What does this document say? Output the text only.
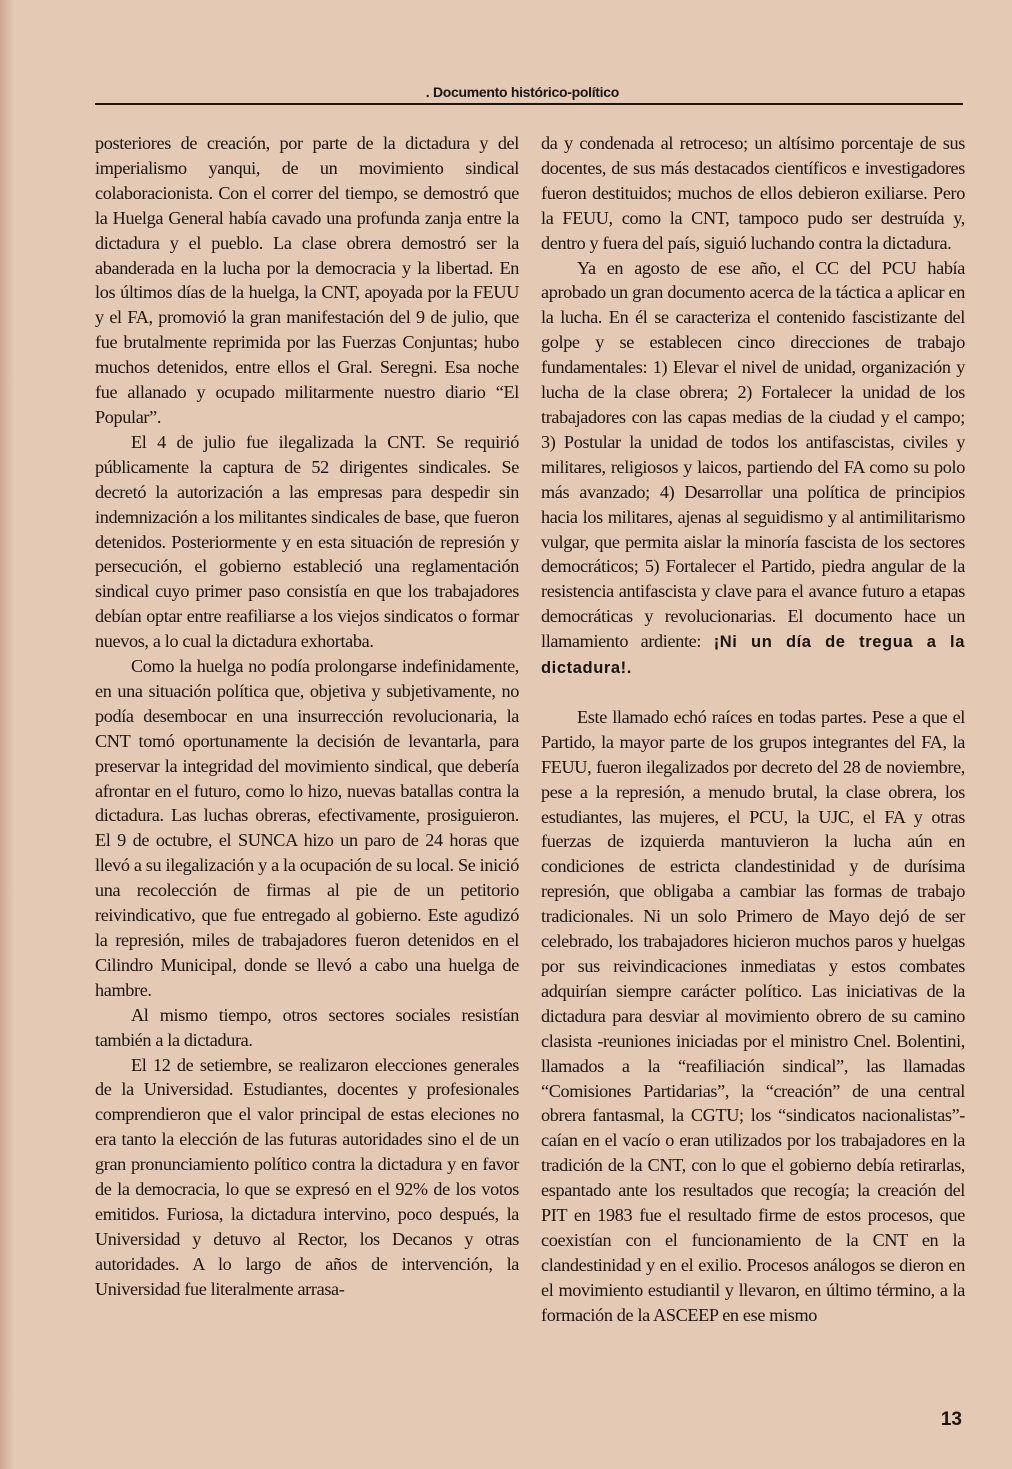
. Documento histórico-político

posteriores de creación, por parte de la dictadura y del imperialismo yanqui, de un movimiento sindical colaboracionista. Con el correr del tiempo, se demostró que la Huelga General había cavado una profunda zanja entre la dictadura y el pueblo. La clase obrera demostró ser la abanderada en la lucha por la democracia y la libertad. En los últimos días de la huelga, la CNT, apoyada por la FEUU y el FA, promovió la gran manifestación del 9 de julio, que fue brutalmente reprimida por las Fuerzas Conjuntas; hubo muchos detenidos, entre ellos el Gral. Seregni. Esa noche fue allanado y ocupado militarmente nuestro diario “El Popular”.

El 4 de julio fue ilegalizada la CNT. Se requirió públicamente la captura de 52 dirigentes sindicales. Se decretó la autorización a las empresas para despedir sin indemnización a los militantes sindicales de base, que fueron detenidos. Posteriormente y en esta situación de represión y persecución, el gobierno estableció una reglamentación sindical cuyo primer paso consistía en que los trabajadores debían optar entre reafiliarse a los viejos sindicatos o formar nuevos, a lo cual la dictadura exhortaba.

Como la huelga no podía prolongarse indefinidamente, en una situación política que, objetiva y subjetivamente, no podía desembocar en una insurrección revolucionaria, la CNT tomó oportunamente la decisión de levantarla, para preservar la integridad del movimiento sindical, que debería afrontar en el futuro, como lo hizo, nuevas batallas contra la dictadura. Las luchas obreras, efectivamente, prosiguieron. El 9 de octubre, el SUNCA hizo un paro de 24 horas que llevó a su ilegalización y a la ocupación de su local. Se inició una recolección de firmas al pie de un petitorio reivindicativo, que fue entregado al gobierno. Este agudizó la represión, miles de trabajadores fueron detenidos en el Cilindro Municipal, donde se llevó a cabo una huelga de hambre.

Al mismo tiempo, otros sectores sociales resistían también a la dictadura.

El 12 de setiembre, se realizaron elecciones generales de la Universidad. Estudiantes, docentes y profesionales comprendieron que el valor principal de estas eleciones no era tanto la elección de las futuras autoridades sino el de un gran pronunciamiento político contra la dictadura y en favor de la democracia, lo que se expresó en el 92% de los votos emitidos. Furiosa, la dictadura intervino, poco después, la Universidad y detuvo al Rector, los Decanos y otras autoridades. A lo largo de años de intervención, la Universidad fue literalmente arrasa-

da y condenada al retroceso; un altísimo porcentaje de sus docentes, de sus más destacados científicos e investigadores fueron destituidos; muchos de ellos debieron exiliarse. Pero la FEUU, como la CNT, tampoco pudo ser destruída y, dentro y fuera del país, siguió luchando contra la dictadura.

Ya en agosto de ese año, el CC del PCU había aprobado un gran documento acerca de la táctica a aplicar en la lucha. En él se caracteriza el contenido fascistizante del golpe y se establecen cinco direcciones de trabajo fundamentales: 1) Elevar el nivel de unidad, organización y lucha de la clase obrera; 2) Fortalecer la unidad de los trabajadores con las capas medias de la ciudad y el campo; 3) Postular la unidad de todos los antifascistas, civiles y militares, religiosos y laicos, partiendo del FA como su polo más avanzado; 4) Desarrollar una política de principios hacia los militares, ajenas al seguidismo y al antimilitarismo vulgar, que permita aislar la minoría fascista de los sectores democráticos; 5) Fortalecer el Partido, piedra angular de la resistencia antifascista y clave para el avance futuro a etapas democráticas y revolucionarias. El documento hace un llamamiento ardiente: ¡Ni un día de tregua a la dictadura!.

Este llamado echó raíces en todas partes. Pese a que el Partido, la mayor parte de los grupos integrantes del FA, la FEUU, fueron ilegalizados por decreto del 28 de noviembre, pese a la represión, a menudo brutal, la clase obrera, los estudiantes, las mujeres, el PCU, la UJC, el FA y otras fuerzas de izquierda mantuvieron la lucha aún en condiciones de estricta clandestinidad y de durísima represión, que obligaba a cambiar las formas de trabajo tradicionales. Ni un solo Primero de Mayo dejó de ser celebrado, los trabajadores hicieron muchos paros y huelgas por sus reivindicaciones inmediatas y estos combates adquirían siempre carácter político. Las iniciativas de la dictadura para desviar al movimiento obrero de su camino clasista -reuniones iniciadas por el ministro Cnel. Bolentini, llamados a la “reafiliación sindical”, las llamadas “Comisiones Partidarias”, la “creación” de una central obrera fantasmal, la CGTU; los “sindicatos nacionalistas”- caían en el vacío o eran utilizados por los trabajadores en la tradición de la CNT, con lo que el gobierno debía retirarlas, espantado ante los resultados que recogía; la creación del PIT en 1983 fue el resultado firme de estos procesos, que coexistían con el funcionamiento de la CNT en la clandestinidad y en el exilio. Procesos análogos se dieron en el movimiento estudiantil y llevaron, en último término, a la formación de la ASCEEP en ese mismo

13
